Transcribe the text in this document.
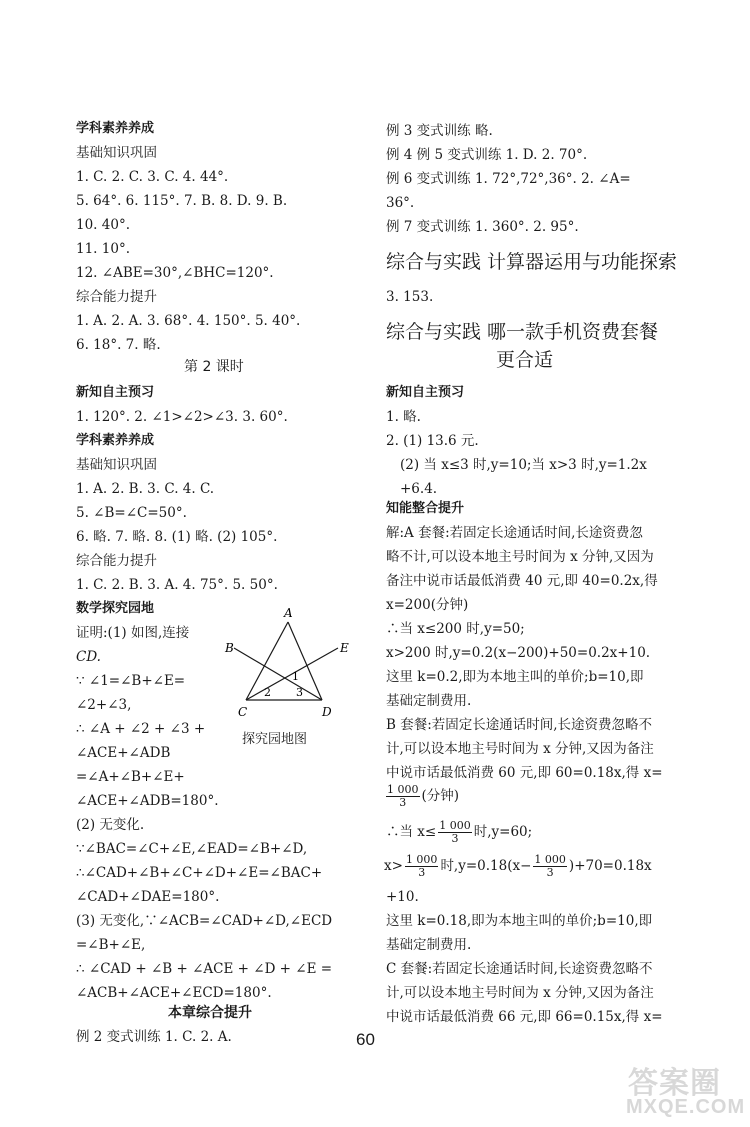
学科素养养成
基础知识巩固
1. C. 2. C. 3. C. 4. 44°.
5. 64°. 6. 115°. 7. B. 8. D. 9. B.
10. 40°.
11. 10°.
12. ∠ABE=30°,∠BHC=120°.
综合能力提升
1. A. 2. A. 3. 68°. 4. 150°. 5. 40°.
6. 18°. 7. 略.
第 2 课时
新知自主预习
1. 120°. 2. ∠1>∠2>∠3. 3. 60°.
学科素养养成
基础知识巩固
1. A. 2. B. 3. C. 4. C.
5. ∠B=∠C=50°.
6. 略. 7. 略. 8. (1) 略. (2) 105°.
综合能力提升
1. C. 2. B. 3. A. 4. 75°. 5. 50°.
数学探究园地
证明:(1) 如图,连接
CD.
∵ ∠1=∠B+∠E=
∠2+∠3,
∴ ∠A + ∠2 + ∠3 +
∠ACE+∠ADB
=∠A+∠B+∠E+
∠ACE+∠ADB=180°.
(2) 无变化.
∵∠BAC=∠C+∠E,∠EAD=∠B+∠D,
∴∠CAD+∠B+∠C+∠D+∠E=∠BAC+
∠CAD+∠DAE=180°.
(3) 无变化,∵∠ACB=∠CAD+∠D,∠ECD
=∠B+∠E,
∴ ∠CAD + ∠B + ∠ACE + ∠D + ∠E =
∠ACB+∠ACE+∠ECD=180°.
本章综合提升
例 2 变式训练 1. C. 2. A.
A
B	E
C	D
1
2 3
探究园地图
例 3 变式训练 略.
例 4 例 5 变式训练 1. D. 2. 70°.
例 6 变式训练 1. 72°,72°,36°. 2. ∠A=
36°.
例 7 变式训练 1. 360°. 2. 95°.
综合与实践 计算器运用与功能探索
3. 153.
综合与实践 哪一款手机资费套餐
更合适
新知自主预习
1. 略.
2. (1) 13.6 元.
(2) 当 x≤3 时,y=10;当 x>3 时,y=1.2x
+6.4.
知能整合提升
解:A 套餐:若固定长途通话时间,长途资费忽
略不计,可以设本地主号时间为 x 分钟,又因为
备注中说市话最低消费 40 元,即 40=0.2x,得
x=200(分钟)
∴当 x≤200 时,y=50;
x>200 时,y=0.2(x−200)+50=0.2x+10.
这里 k=0.2,即为本地主叫的单价;b=10,即
基础定制费用.
B 套餐:若固定长途通话时间,长途资费忽略不
计,可以设本地主号时间为 x 分钟,又因为备注
中说市话最低消费 60 元,即 60=0.18x,得 x=
$\frac{1 000}{3}$ (分钟)
∴当 $x\le \frac{1 000}{3}$ 时,y=60;
$x> \frac{1 000}{3}$ 时$,y=0.18(x- \frac{1 000}{3} )+70=0.18x$
+10.
这里 k=0.18,即为本地主叫的单价;b=10,即
基础定制费用.
C 套餐:若固定长途通话时间,长途资费忽略不
计,可以设本地主号时间为 x 分钟,又因为备注
中说市话最低消费 66 元,即 66=0.15x,得 x=
60
答案圈
MXQE.COM
